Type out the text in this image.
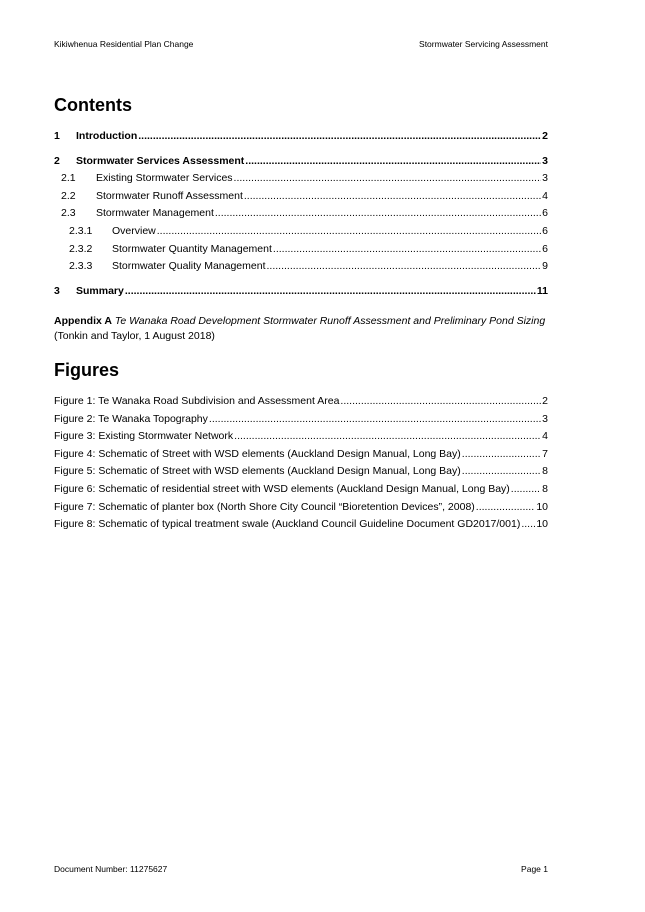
Kikiwhenua Residential Plan Change	Stormwater Servicing Assessment
Contents
1	Introduction .....	2
2	Stormwater Services Assessment .....	3
2.1	Existing Stormwater Services .....	3
2.2	Stormwater Runoff Assessment .....	4
2.3	Stormwater Management .....	6
2.3.1	Overview .....	6
2.3.2	Stormwater Quantity Management .....	6
2.3.3	Stormwater Quality Management .....	9
3	Summary .....	11
Appendix A Te Wanaka Road Development Stormwater Runoff Assessment and Preliminary Pond Sizing
(Tonkin and Taylor, 1 August 2018)
Figures
Figure 1: Te Wanaka Road Subdivision and Assessment Area .....	2
Figure 2: Te Wanaka Topography .....	3
Figure 3: Existing Stormwater Network .....	4
Figure 4: Schematic of Street with WSD elements (Auckland Design Manual, Long Bay) .....	7
Figure 5: Schematic of Street with WSD elements (Auckland Design Manual, Long Bay) .....	8
Figure 6: Schematic of residential street with WSD elements (Auckland Design Manual, Long Bay) .....	8
Figure 7: Schematic of planter box (North Shore City Council “Bioretention Devices”, 2008) .....	10
Figure 8: Schematic of typical treatment swale (Auckland Council Guideline Document GD2017/001) ..... 10
Document Number: 11275627	Page 1
